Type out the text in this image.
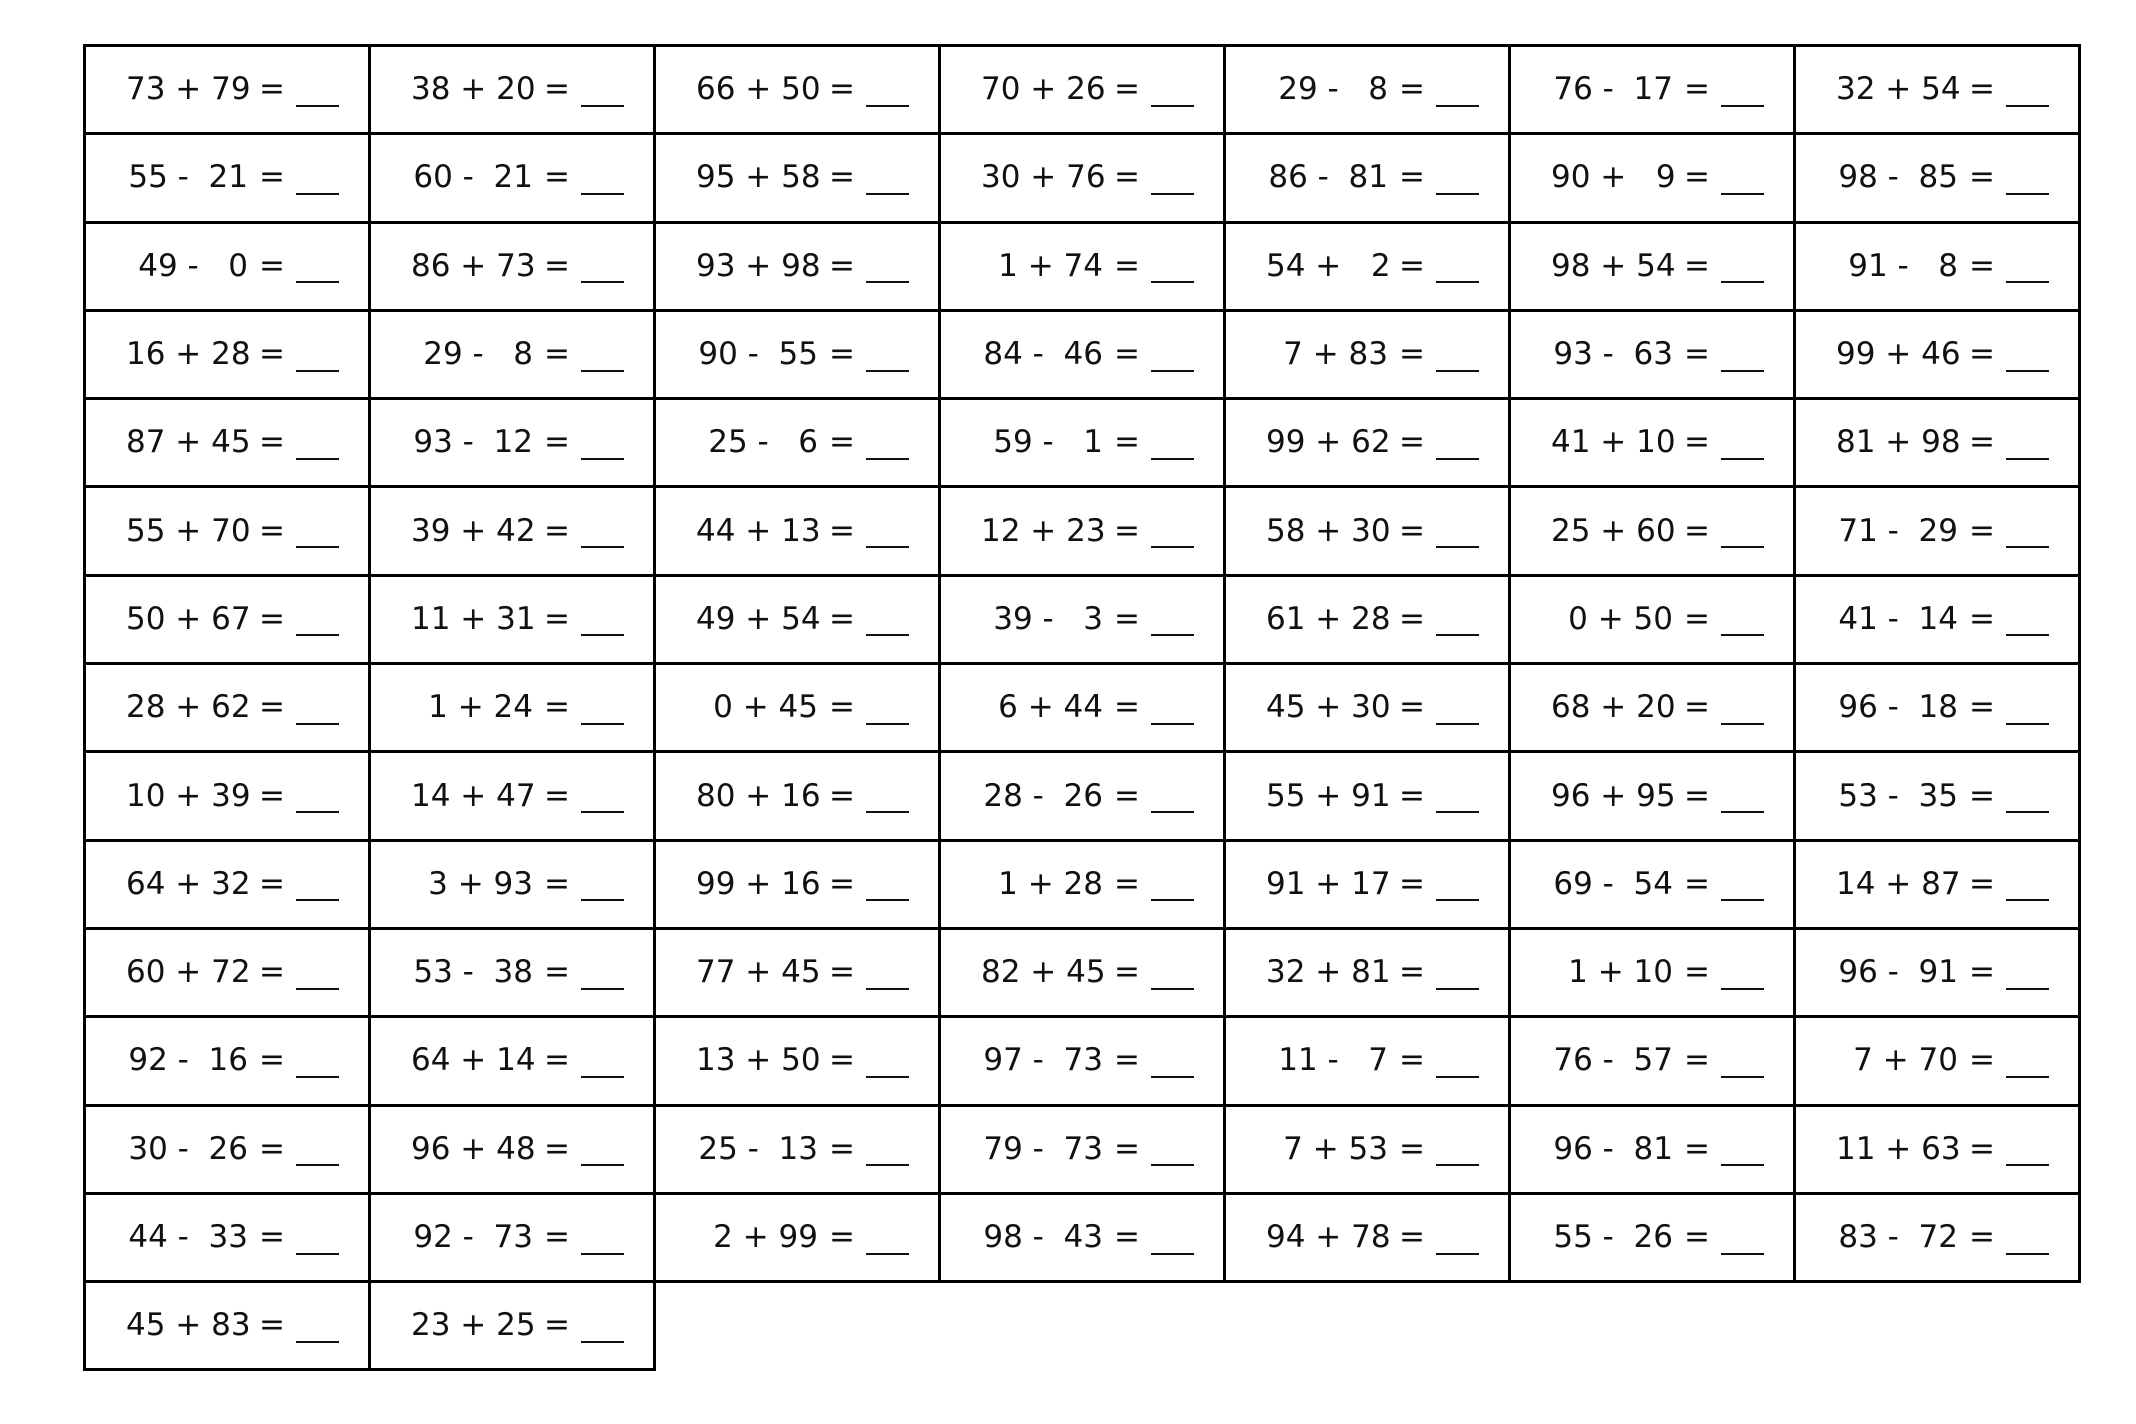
73 + 79 =	38 + 20 =	66 + 50 =	70 + 26 =	29 -   8 =	76 -  17 =	32 + 54 =
55 -  21 =	60 -  21 =	95 + 58 =	30 + 76 =	86 -  81 =	90 +   9 =	98 -  85 =
49 -   0 =	86 + 73 =	93 + 98 =	1 + 74 =	54 +   2 =	98 + 54 =	91 -   8 =
16 + 28 =	29 -   8 =	90 -  55 =	84 -  46 =	7 + 83 =	93 -  63 =	99 + 46 =
87 + 45 =	93 -  12 =	25 -   6 =	59 -   1 =	99 + 62 =	41 + 10 =	81 + 98 =
55 + 70 =	39 + 42 =	44 + 13 =	12 + 23 =	58 + 30 =	25 + 60 =	71 -  29 =
50 + 67 =	11 + 31 =	49 + 54 =	39 -   3 =	61 + 28 =	0 + 50 =	41 -  14 =
28 + 62 =	1 + 24 =	0 + 45 =	6 + 44 =	45 + 30 =	68 + 20 =	96 -  18 =
10 + 39 =	14 + 47 =	80 + 16 =	28 -  26 =	55 + 91 =	96 + 95 =	53 -  35 =
64 + 32 =	3 + 93 =	99 + 16 =	1 + 28 =	91 + 17 =	69 -  54 =	14 + 87 =
60 + 72 =	53 -  38 =	77 + 45 =	82 + 45 =	32 + 81 =	1 + 10 =	96 -  91 =
92 -  16 =	64 + 14 =	13 + 50 =	97 -  73 =	11 -   7 =	76 -  57 =	7 + 70 =
30 -  26 =	96 + 48 =	25 -  13 =	79 -  73 =	7 + 53 =	96 -  81 =	11 + 63 =
44 -  33 =	92 -  73 =	2 + 99 =	98 -  43 =	94 + 78 =	55 -  26 =	83 -  72 =
45 + 83 =	23 + 25 =
